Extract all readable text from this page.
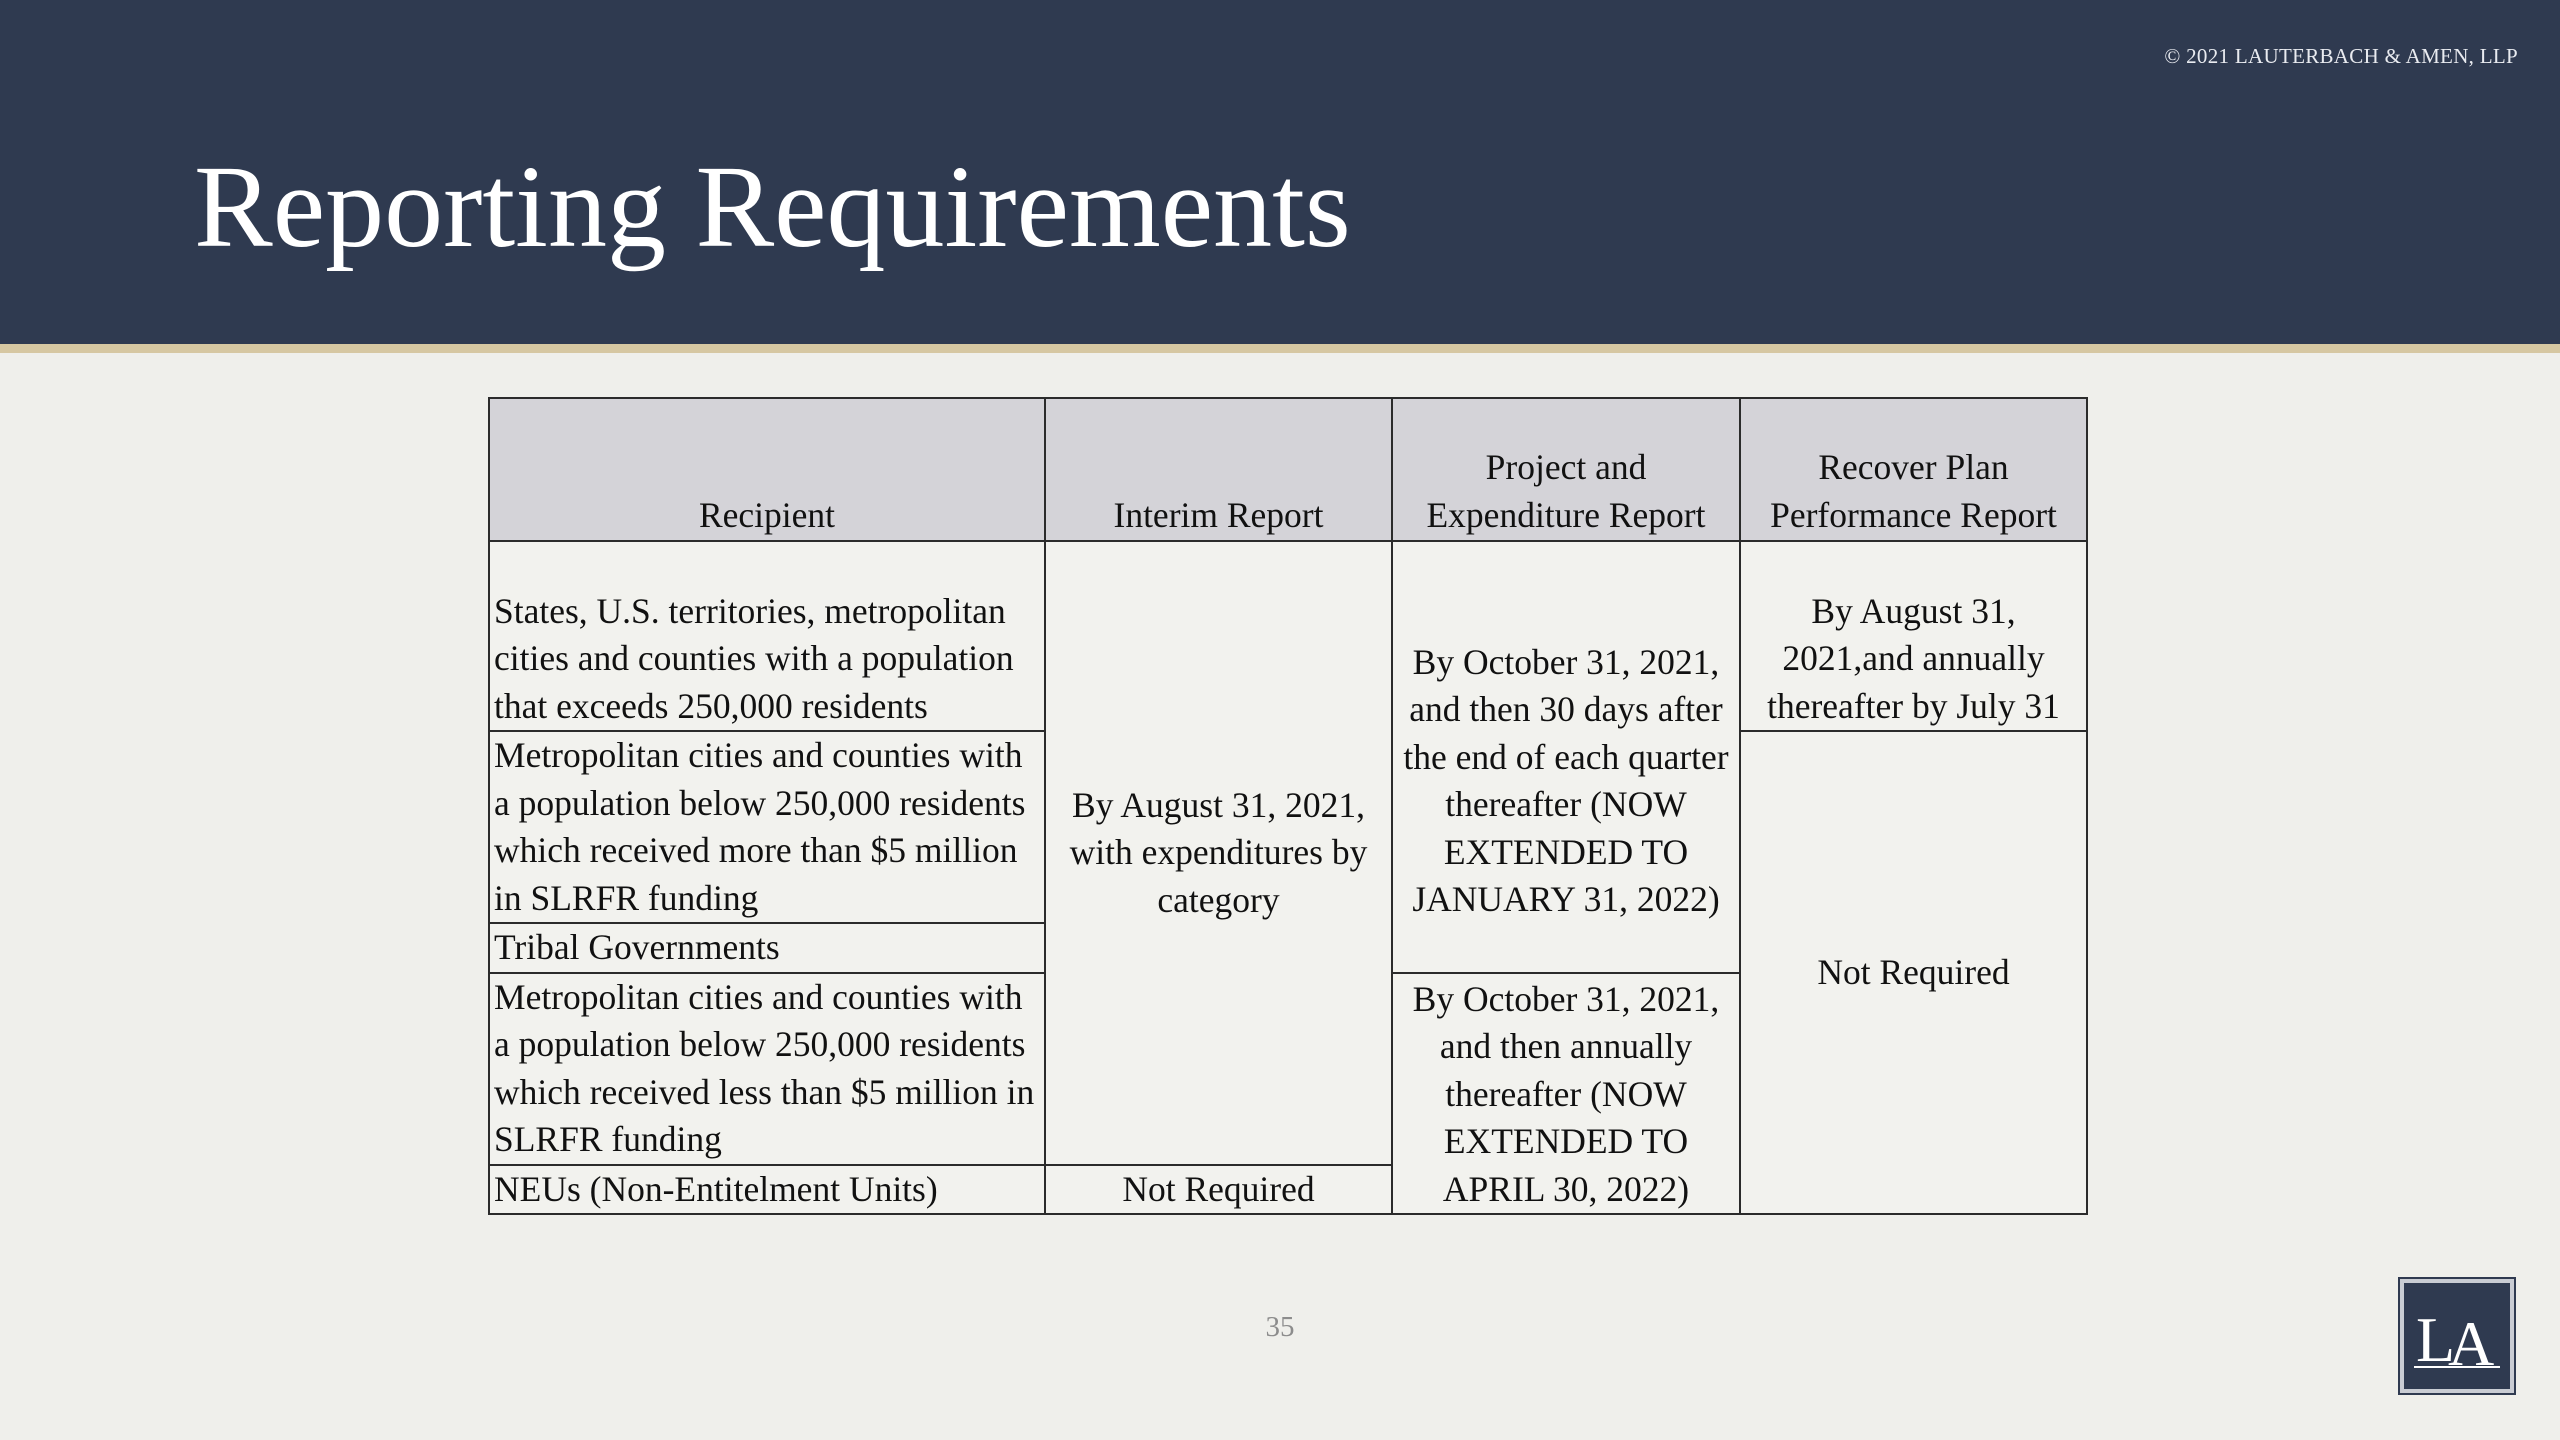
© 2021 LAUTERBACH & AMEN, LLP
Reporting Requirements
Recipient	Interim Report	Project and Expenditure Report	Recover Plan Performance Report
States, U.S. territories, metropolitan cities and counties with a population that exceeds 250,000 residents	By August 31, 2021, with expenditures by category	By October 31, 2021, and then 30 days after the end of each quarter thereafter (NOW EXTENDED TO JANUARY 31, 2022)	By August 31, 2021,and annually thereafter by July 31
Metropolitan cities and counties with a population below 250,000 residents which received more than $5 million in SLRFR funding			Not Required
Tribal Governments			
Metropolitan cities and counties with a population below 250,000 residents which received less than $5 million in SLRFR funding		By October 31, 2021, and then annually thereafter (NOW EXTENDED TO APRIL 30, 2022)	
NEUs (Non-Entitelment Units)	Not Required		
35	L
A
